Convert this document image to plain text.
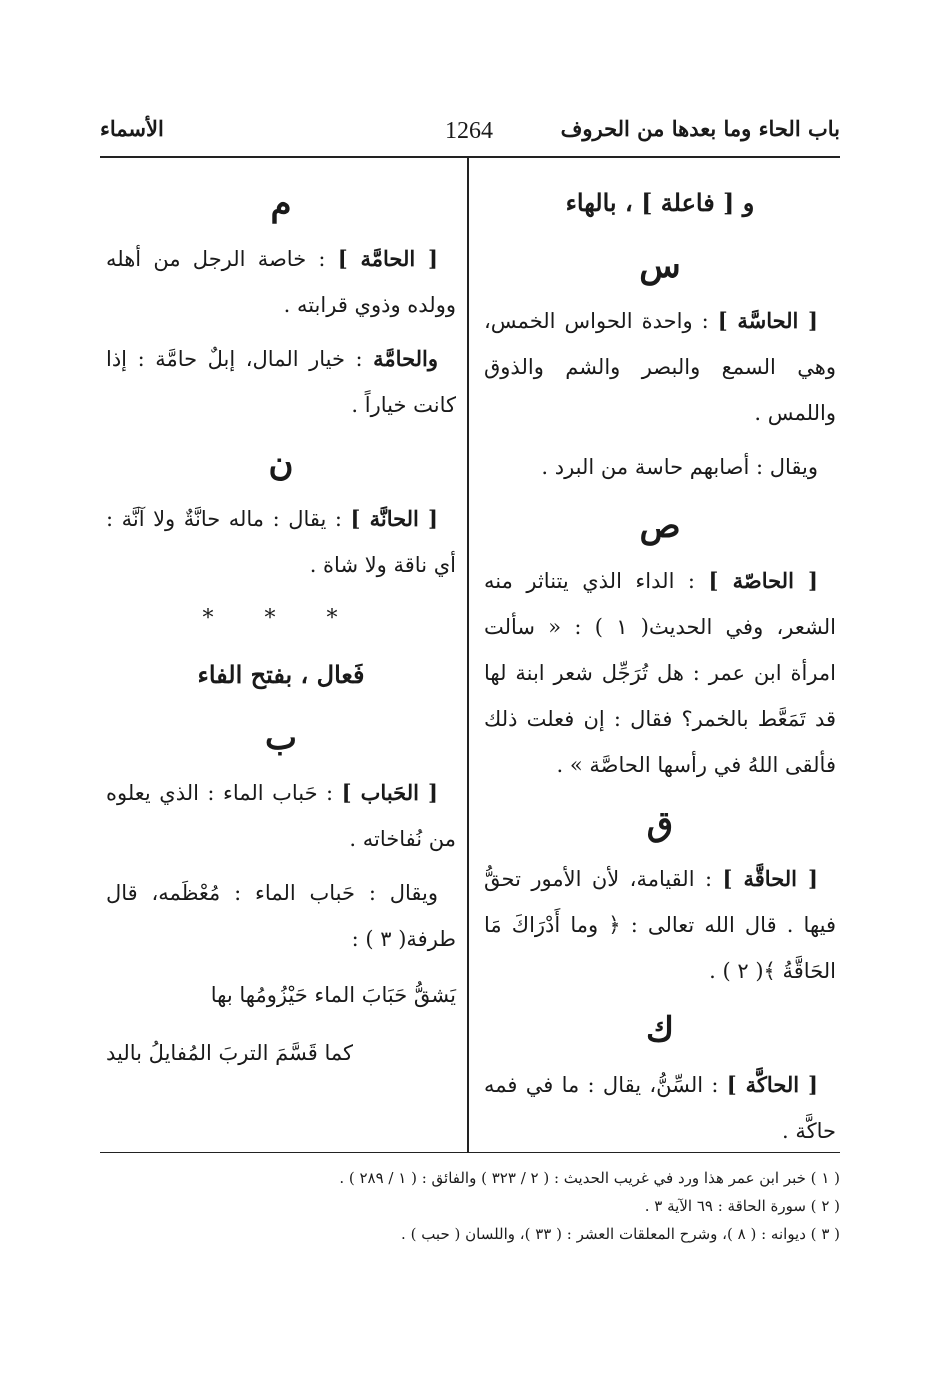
باب الحاء وما بعدها من الحروف
1264
الأسماء
و [ فاعلة ] ، بالهاء
س
[ الحاسَّة ] : واحدة الحواس الخمس، وهي السمع والبصر والشم والذوق واللمس .
ويقال : أصابهم حاسة من البرد .
ص
[ الحاصّة ] : الداء الذي يتناثر منه الشعر، وفي الحديث( ١ ) : « سألت امرأة ابن عمر : هل تُرَجِّل شعر ابنة لها قد تَمَعَّط بالخمر؟ فقال : إن فعلت ذلك فألقى اللهُ في رأسها الحاصَّة » .
ق
[ الحاقَّة ] : القيامة، لأن الأمور تحقُّ فيها . قال الله تعالى : ﴿ وما أَدْرَاكَ مَا الحَاقَّةُ ﴾( ٢ ) .
ك
[ الحاكَّة ] : السِّنُّ، يقال : ما في فمه حاكَّة .
م
[ الحامَّة ] : خاصة الرجل من أهله وولده وذوي قرابته .
والحامَّة : خيار المال، إبلٌ حامَّة : إذا كانت خياراً .
ن
[ الحانَّة ] : يقال : ماله حانَّةٌ ولا آنَّة : أي ناقة ولا شاة .
* * *
فَعال ، بفتح الفاء
ب
[ الحَباب ] : حَباب الماء : الذي يعلوه من نُفاخاته .
ويقال : حَباب الماء : مُعْظَمه، قال طرفة( ٣ ) :
يَشقُّ حَبَابَ الماء حَيْزُومُها بها
كما قَسَّمَ التربَ المُفايلُ باليد
( ١ ) خبر ابن عمر هذا ورد في غريب الحديث : ( ٢ / ٣٢٣ ) والفائق : ( ١ / ٢٨٩ ) .
( ٢ ) سورة الحاقة : ٦٩ الآية ٣ .
( ٣ ) ديوانه : ( ٨ )، وشرح المعلقات العشر : ( ٣٣ )، واللسان ( حبب ) .
